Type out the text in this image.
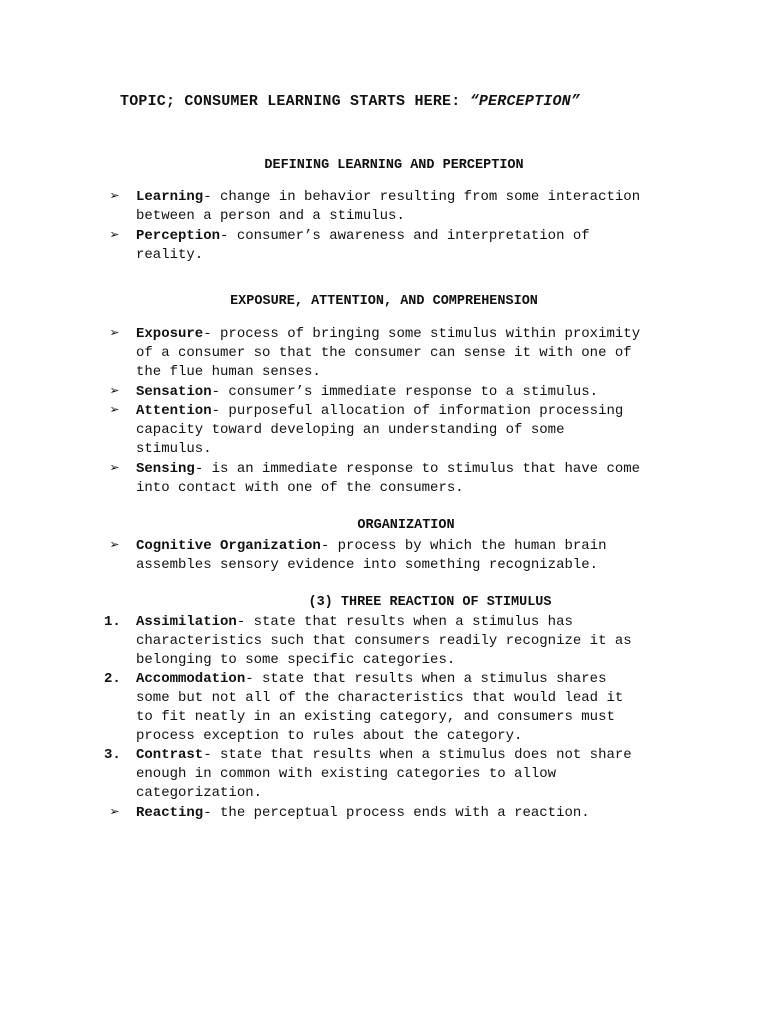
TOPIC; CONSUMER LEARNING STARTS HERE: “PERCEPTION”
DEFINING LEARNING AND PERCEPTION
➢ Learning- change in behavior resulting from some interaction
between a person and a stimulus.
➢ Perception- consumer’s awareness and interpretation of
reality.
EXPOSURE, ATTENTION, AND COMPREHENSION
➢ Exposure- process of bringing some stimulus within proximity
of a consumer so that the consumer can sense it with one of
the flue human senses.
➢ Sensation- consumer’s immediate response to a stimulus.
➢ Attention- purposeful allocation of information processing
capacity toward developing an understanding of some
stimulus.
➢ Sensing- is an immediate response to stimulus that have come
into contact with one of the consumers.
ORGANIZATION
➢ Cognitive Organization- process by which the human brain
assembles sensory evidence into something recognizable.
(3) THREE REACTION OF STIMULUS
1. Assimilation- state that results when a stimulus has
characteristics such that consumers readily recognize it as
belonging to some specific categories.
2. Accommodation- state that results when a stimulus shares
some but not all of the characteristics that would lead it
to fit neatly in an existing category, and consumers must
process exception to rules about the category.
3. Contrast- state that results when a stimulus does not share
enough in common with existing categories to allow
categorization.
➢ Reacting- the perceptual process ends with a reaction.
